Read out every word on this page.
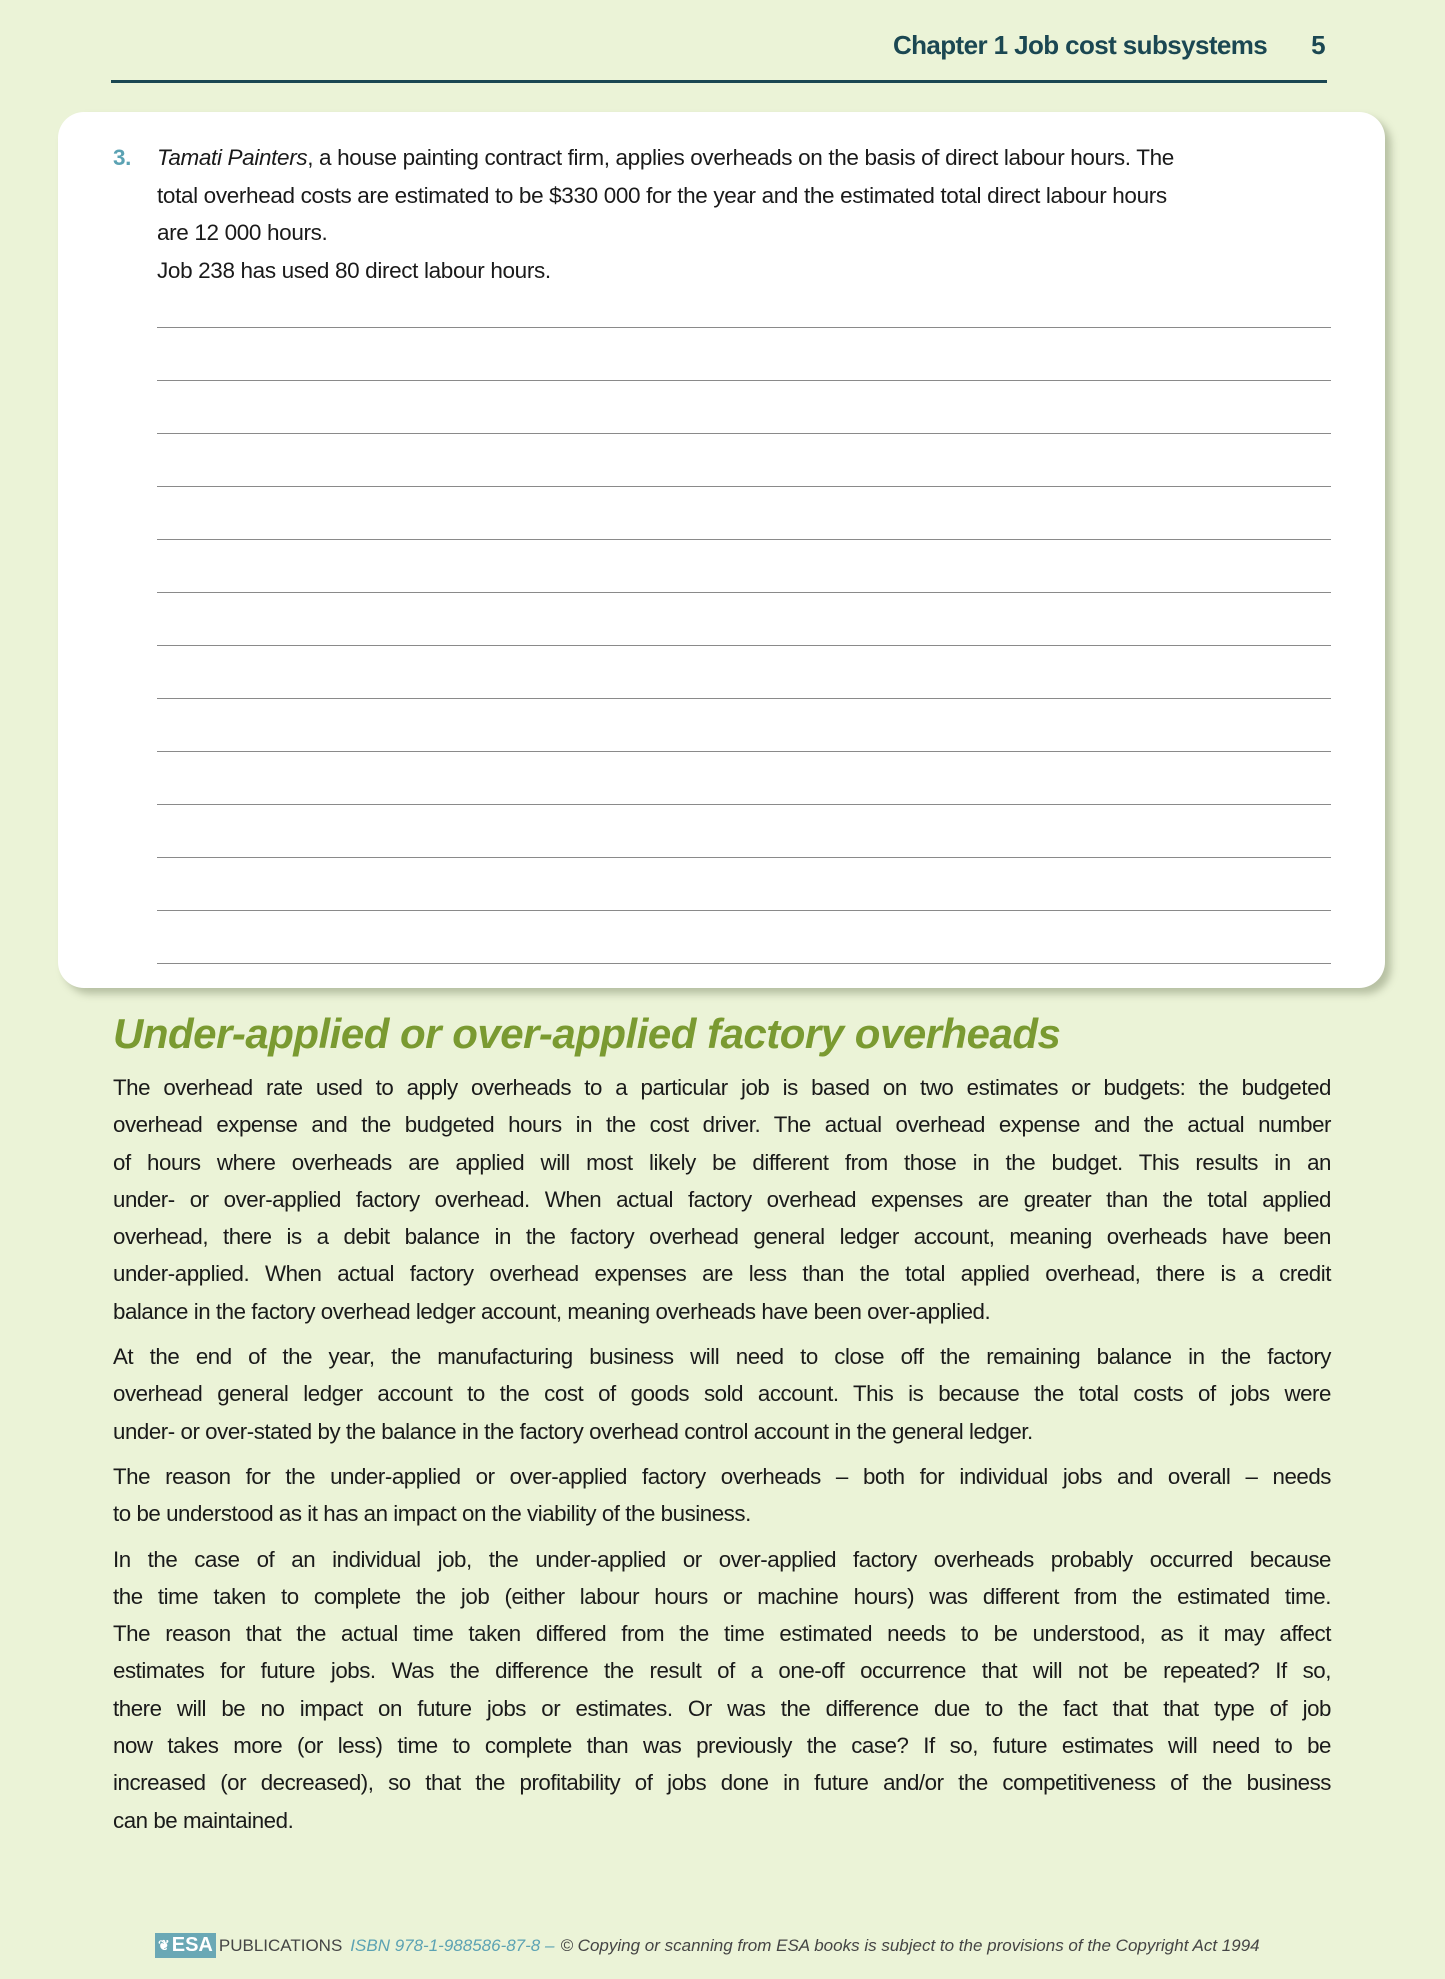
Chapter 1 Job cost subsystems 5
3. Tamati Painters, a house painting contract firm, applies overheads on the basis of direct labour hours. The
total overhead costs are estimated to be $330 000 for the year and the estimated total direct labour hours
are 12 000 hours.
Job 238 has used 80 direct labour hours.
Under-applied or over-applied factory overheads

The overhead rate used to apply overheads to a particular job is based on two estimates or budgets: the budgeted
overhead expense and the budgeted hours in the cost driver. The actual overhead expense and the actual number
of hours where overheads are applied will most likely be different from those in the budget. This results in an
under- or over-applied factory overhead. When actual factory overhead expenses are greater than the total applied
overhead, there is a debit balance in the factory overhead general ledger account, meaning overheads have been
under-applied. When actual factory overhead expenses are less than the total applied overhead, there is a credit
balance in the factory overhead ledger account, meaning overheads have been over-applied.

At the end of the year, the manufacturing business will need to close off the remaining balance in the factory
overhead general ledger account to the cost of goods sold account. This is because the total costs of jobs were
under- or over-stated by the balance in the factory overhead control account in the general ledger.

The reason for the under-applied or over-applied factory overheads – both for individual jobs and overall – needs
to be understood as it has an impact on the viability of the business.

In the case of an individual job, the under-applied or over-applied factory overheads probably occurred because
the time taken to complete the job (either labour hours or machine hours) was different from the estimated time.
The reason that the actual time taken differed from the time estimated needs to be understood, as it may affect
estimates for future jobs. Was the difference the result of a one-off occurrence that will not be repeated? If so,
there will be no impact on future jobs or estimates. Or was the difference due to the fact that that type of job
now takes more (or less) time to complete than was previously the case? If so, future estimates will need to be
increased (or decreased), so that the profitability of jobs done in future and/or the competitiveness of the business
can be maintained.

❦ ESA PUBLICATIONS ISBN 978-1-988586-87-8 – © Copying or scanning from ESA books is subject to the provisions of the Copyright Act 1994
